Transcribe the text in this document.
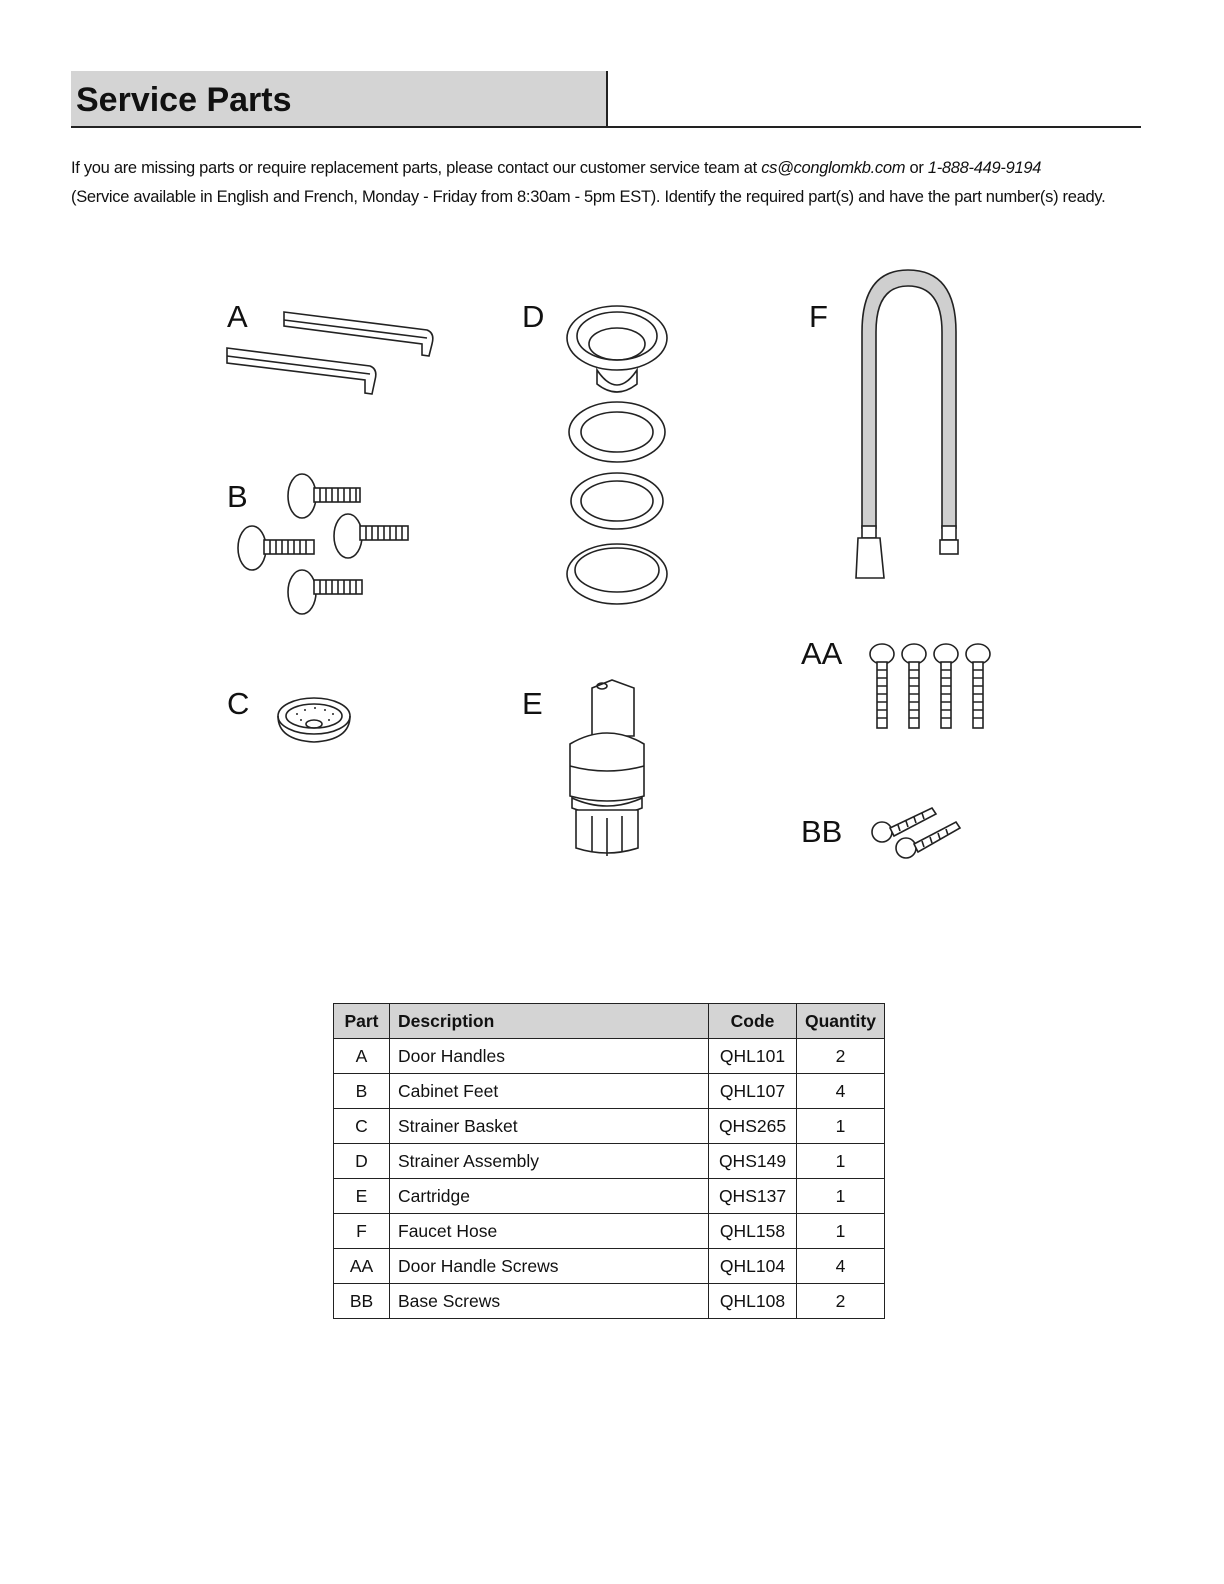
Service Parts
If you are missing parts or require replacement parts, please contact our customer service team at cs@conglomkb.com or 1-888-449-9194
(Service available in English and French, Monday - Friday from 8:30am - 5pm EST). Identify the required part(s) and have the part number(s) ready.
A
B
C
D
E
F
AA
BB
Part	Description	Code	Quantity
A	Door Handles	QHL101	2
B	Cabinet Feet	QHL107	4
C	Strainer Basket	QHS265	1
D	Strainer Assembly	QHS149	1
E	Cartridge	QHS137	1
F	Faucet Hose	QHL158	1
AA	Door Handle Screws	QHL104	4
BB	Base Screws	QHL108	2
